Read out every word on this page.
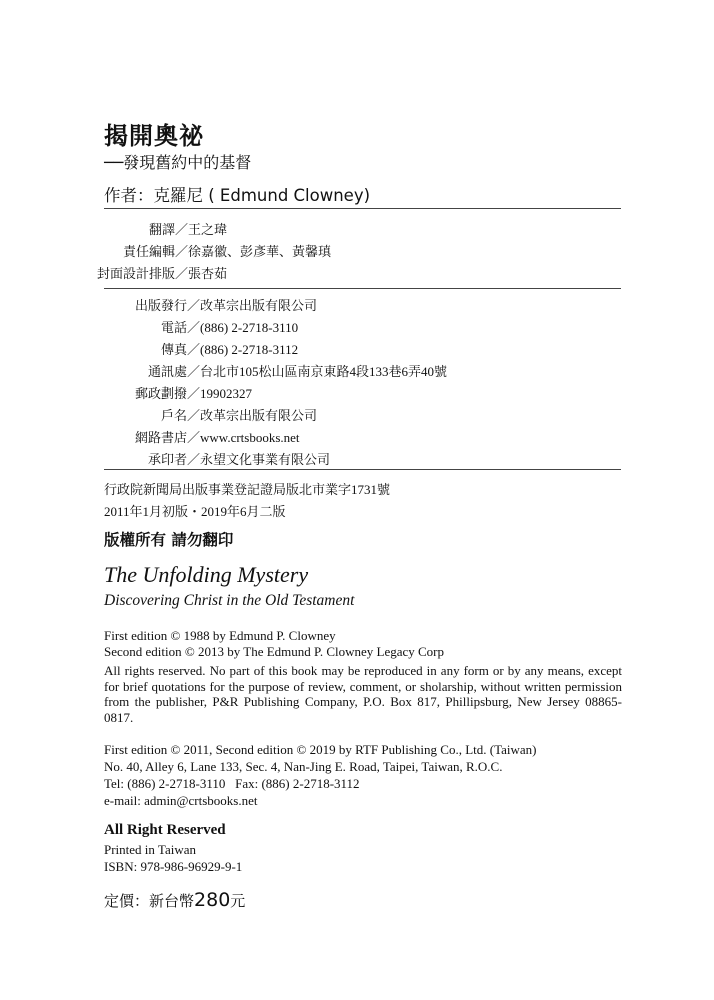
揭開奧祕
──發現舊約中的基督
作者：克羅尼 ( Edmund Clowney)
翻譯／ 王之瑋
責任編輯／ 徐嘉徽、彭彥華、黃馨瑱
封面設計排版／ 張杏茹
出版發行／ 改革宗出版有限公司
電話／ (886) 2-2718-3110
傳真／ (886) 2-2718-3112
通訊處／ 台北市105松山區南京東路4段133巷6弄40號
郵政劃撥／ 19902327
戶名／ 改革宗出版有限公司
網路書店／ www.crtsbooks.net
承印者／ 永望文化事業有限公司
行政院新聞局出版事業登記證局版北市業字1731號
2011年1月初版・2019年6月二版
版權所有 請勿翻印
The Unfolding Mystery
Discovering Christ in the Old Testament
First edition © 1988 by Edmund P. Clowney
Second edition © 2013 by The Edmund P. Clowney Legacy Corp
All rights reserved. No part of this book may be reproduced in any form or by any means, except for brief quotations for the purpose of review, comment, or sholarship, without written permission from the publisher, P&R Publishing Company, P.O. Box 817, Phillipsburg, New Jersey 08865-0817.
First edition © 2011, Second edition © 2019 by RTF Publishing Co., Ltd. (Taiwan)
No. 40, Alley 6, Lane 133, Sec. 4, Nan-Jing E. Road, Taipei, Taiwan, R.O.C.
Tel: (886) 2-2718-3110   Fax: (886) 2-2718-3112
e-mail: admin@crtsbooks.net
All Right Reserved
Printed in Taiwan
ISBN: 978-986-96929-9-1
定價：新台幣280元
